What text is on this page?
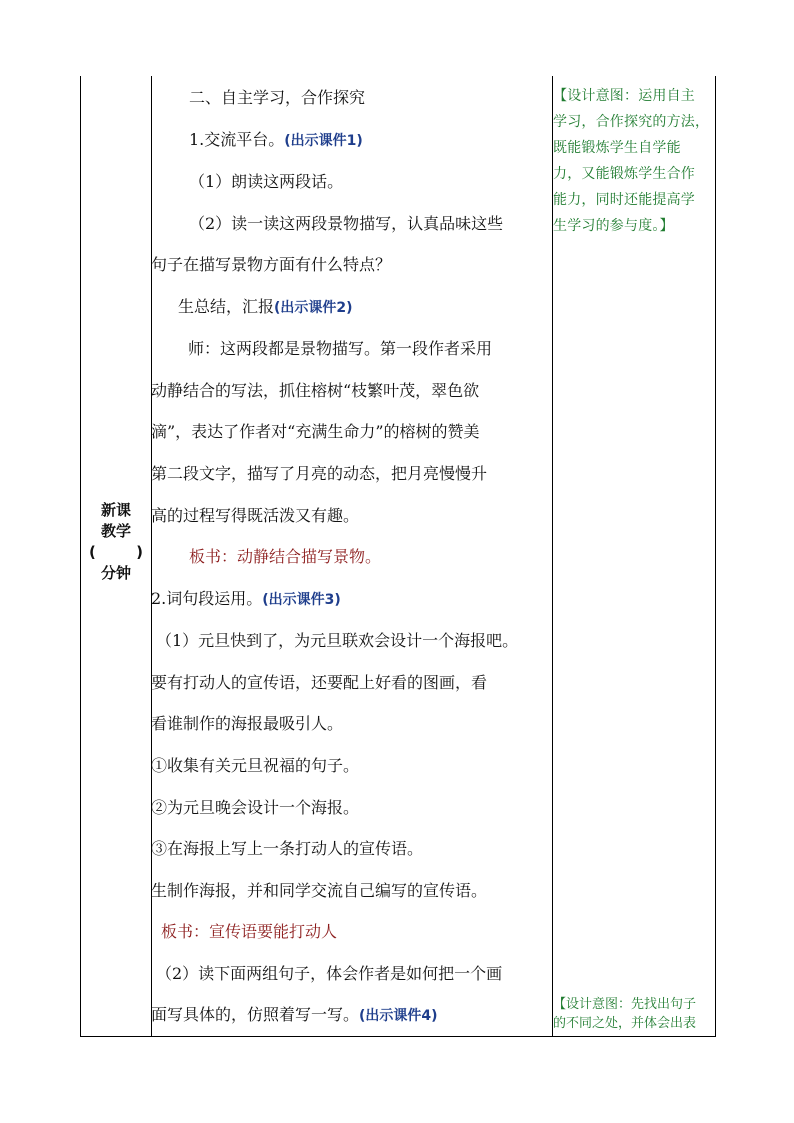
新课
教学
(	)
分钟
二、自主学习，合作探究
1.交流平台。(出示课件1)
（1）朗读这两段话。
（2）读一读这两段景物描写，认真品味这些
句子在描写景物方面有什么特点？
生总结，汇报(出示课件2)
师：这两段都是景物描写。第一段作者采用
动静结合的写法，抓住榕树“枝繁叶茂，翠色欲
滴”，表达了作者对“充满生命力”的榕树的赞美
第二段文字，描写了月亮的动态，把月亮慢慢升
高的过程写得既活泼又有趣。
板书：动静结合描写景物。
2.词句段运用。(出示课件3)
（1）元旦快到了，为元旦联欢会设计一个海报吧。
要有打动人的宣传语，还要配上好看的图画，看
看谁制作的海报最吸引人。
①收集有关元旦祝福的句子。
②为元旦晚会设计一个海报。
③在海报上写上一条打动人的宣传语。
生制作海报，并和同学交流自己编写的宣传语。
板书：宣传语要能打动人
（2）读下面两组句子，体会作者是如何把一个画
面写具体的，仿照着写一写。(出示课件4)
【设计意图：运用自主
学习，合作探究的方法，
既能锻炼学生自学能
力，又能锻炼学生合作
能力，同时还能提高学
生学习的参与度。】
【设计意图：先找出句子
的不同之处，并体会出表
